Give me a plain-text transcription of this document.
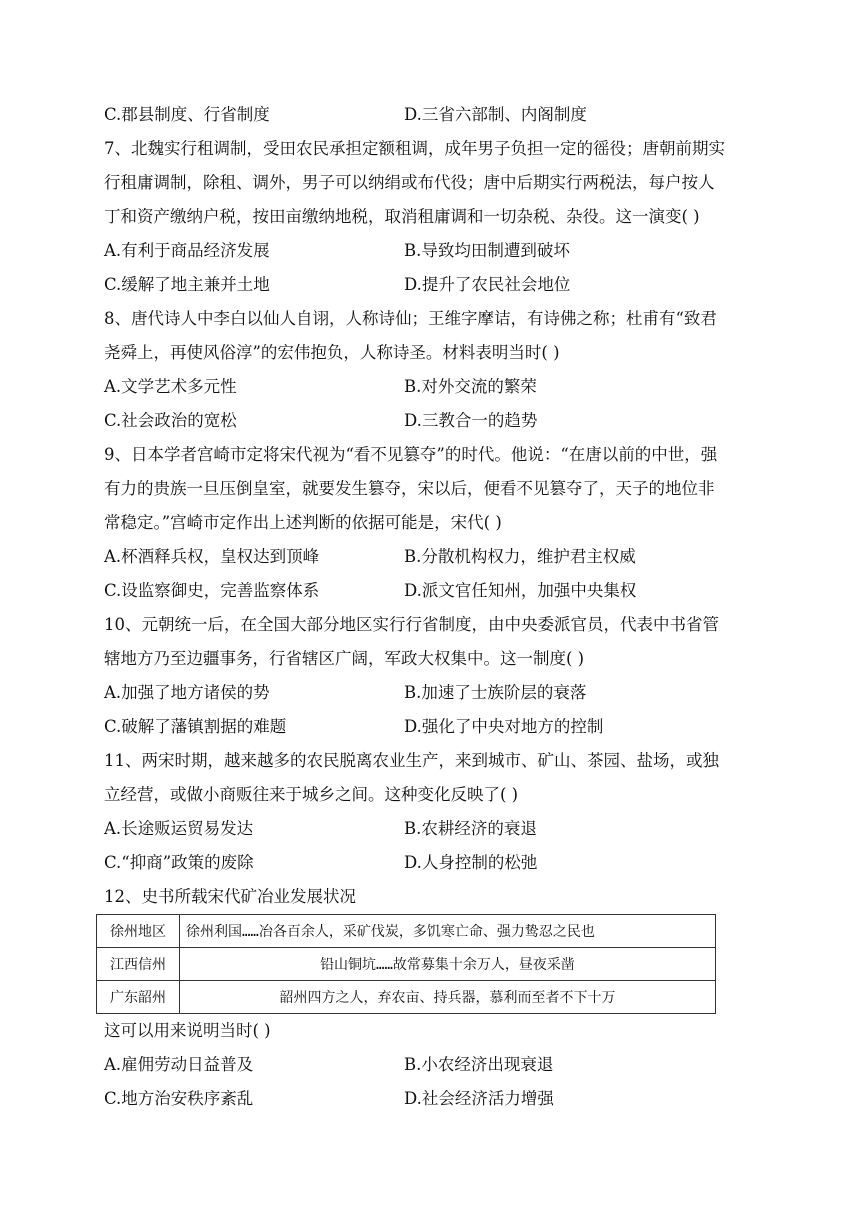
C.郡县制度、行省制度	D.三省六部制、内阁制度
7、北魏实行租调制，受田农民承担定额租调，成年男子负担一定的徭役；唐朝前期实
行租庸调制，除租、调外，男子可以纳绢或布代役；唐中后期实行两税法，每户按人
丁和资产缴纳户税，按田亩缴纳地税，取消租庸调和一切杂税、杂役。这一演变( )
A.有利于商品经济发展	B.导致均田制遭到破坏
C.缓解了地主兼并土地	D.提升了农民社会地位
8、唐代诗人中李白以仙人自诩，人称诗仙；王维字摩诘，有诗佛之称；杜甫有“致君
尧舜上，再使风俗淳”的宏伟抱负，人称诗圣。材料表明当时( )
A.文学艺术多元性	B.对外交流的繁荣
C.社会政治的宽松	D.三教合一的趋势
9、日本学者宫崎市定将宋代视为“看不见篡夺”的时代。他说：“在唐以前的中世，强
有力的贵族一旦压倒皇室，就要发生篡夺，宋以后，便看不见篡夺了，天子的地位非
常稳定。”宫崎市定作出上述判断的依据可能是，宋代( )
A.杯酒释兵权，皇权达到顶峰	B.分散机构权力，维护君主权威
C.设监察御史，完善监察体系	D.派文官任知州，加强中央集权
10、元朝统一后，在全国大部分地区实行行省制度，由中央委派官员，代表中书省管
辖地方乃至边疆事务，行省辖区广阔，军政大权集中。这一制度( )
A.加强了地方诸侯的势	B.加速了士族阶层的衰落
C.破解了藩镇割据的难题	D.强化了中央对地方的控制
11、两宋时期，越来越多的农民脱离农业生产，来到城市、矿山、茶园、盐场，或独
立经营，或做小商贩往来于城乡之间。这种变化反映了( )
A.长途贩运贸易发达	B.农耕经济的衰退
C.“抑商”政策的废除	D.人身控制的松弛
12、史书所载宋代矿冶业发展状况
徐州地区	徐州利国……冶各百余人，采矿伐炭，多饥寒亡命、强力鸷忍之民也
江西信州	铅山铜坑……故常募集十余万人，昼夜采凿
广东韶州	韶州四方之人，弃农亩、持兵器，慕利而至者不下十万
这可以用来说明当时( )
A.雇佣劳动日益普及	B.小农经济出现衰退
C.地方治安秩序紊乱	D.社会经济活力增强
